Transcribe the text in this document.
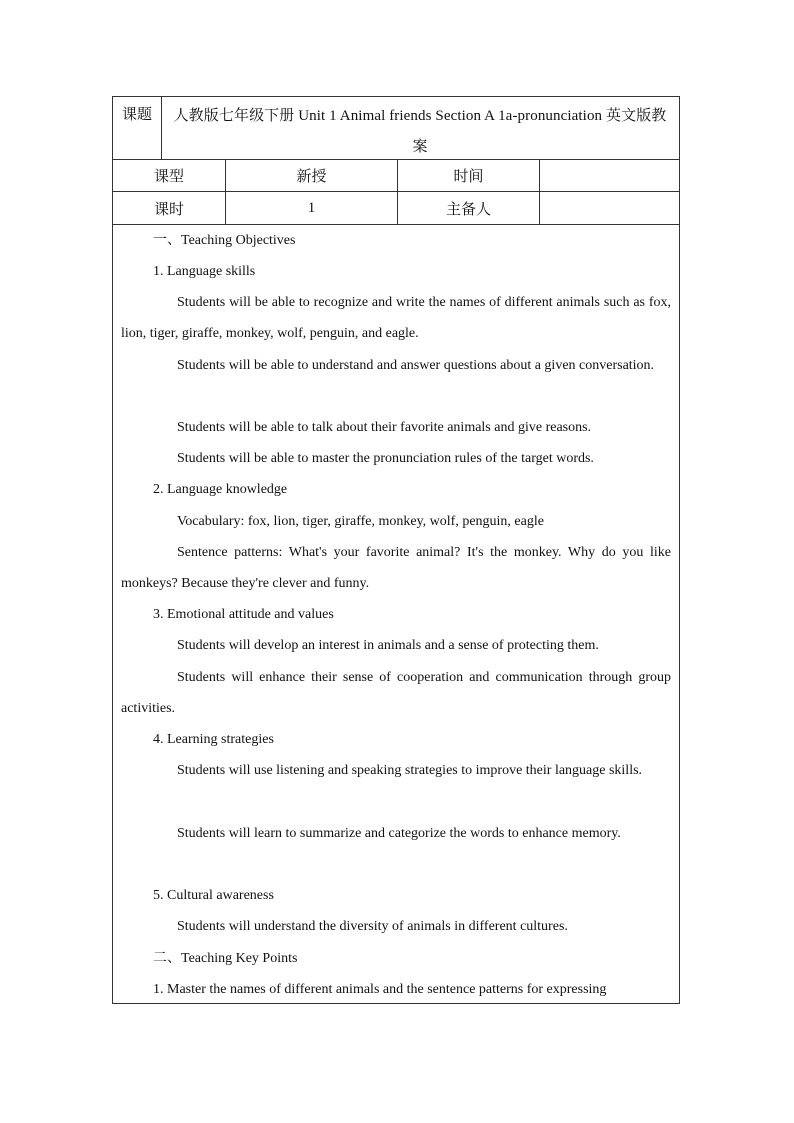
课题	人教版七年级下册 Unit 1 Animal friends Section A 1a-pronunciation 英文版教案
课型	新授	时间
课时	1	主备人
一、Teaching Objectives
1. Language skills
Students will be able to recognize and write the names of different animals such as fox, lion, tiger, giraffe, monkey, wolf, penguin, and eagle.
Students will be able to understand and answer questions about a given conversation.
Students will be able to talk about their favorite animals and give reasons.
Students will be able to master the pronunciation rules of the target words.
2. Language knowledge
Vocabulary: fox, lion, tiger, giraffe, monkey, wolf, penguin, eagle
Sentence patterns: What's your favorite animal? It's the monkey. Why do you like monkeys? Because they're clever and funny.
3. Emotional attitude and values
Students will develop an interest in animals and a sense of protecting them.
Students will enhance their sense of cooperation and communication through group activities.
4. Learning strategies
Students will use listening and speaking strategies to improve their language skills.
Students will learn to summarize and categorize the words to enhance memory.
5. Cultural awareness
Students will understand the diversity of animals in different cultures.
二、Teaching Key Points
1. Master the names of different animals and the sentence patterns for expressing
